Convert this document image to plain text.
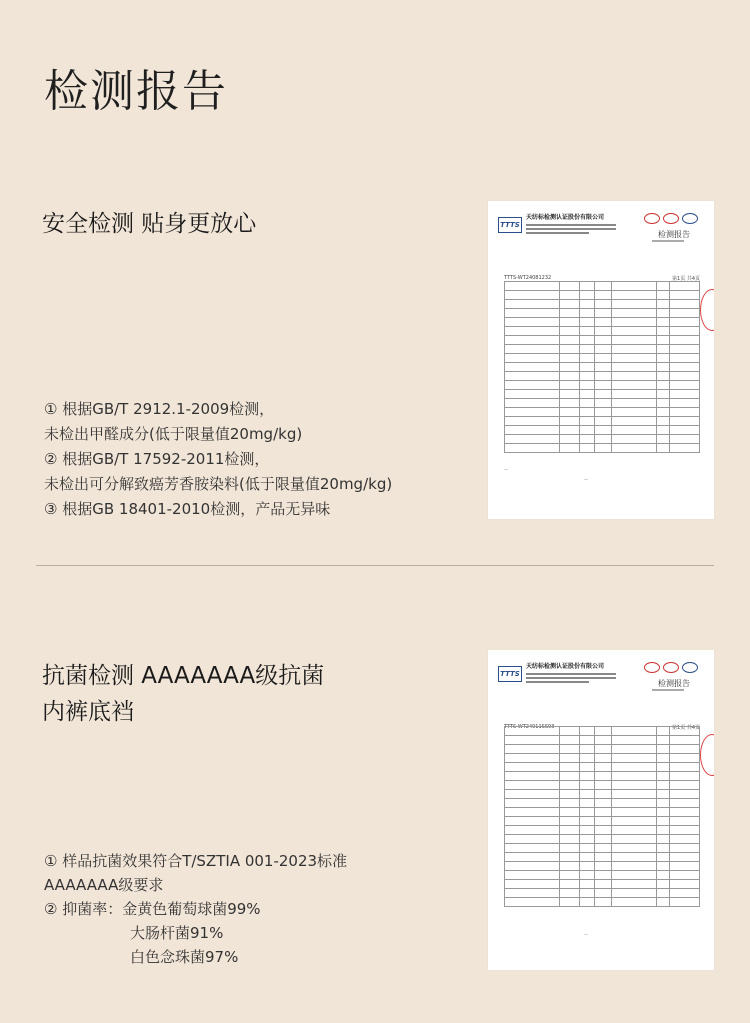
检测报告
安全检测 贴身更放心
① 根据GB/T 2912.1-2009检测，
未检出甲醛成分(低于限量值20mg/kg)
② 根据GB/T 17592-2011检测，
未检出可分解致癌芳香胺染料(低于限量值20mg/kg)
③ 根据GB 18401-2010检测，产品无异味
TTTS
天纺标检测认证股份有限公司
检测报告
TTTS-WT24081232	第1页 共4页

—
—
抗菌检测 AAAAAAA级抗菌
内裤底裆
① 样品抗菌效果符合T/SZTIA 001-2023标准
AAAAAAA级要求
② 抑菌率：金黄色葡萄球菌99%
大肠杆菌91%
白色念珠菌97%
TTTS
天纺标检测认证股份有限公司
检测报告
TTTS-WT24011SS93	第1页 共4页

—
